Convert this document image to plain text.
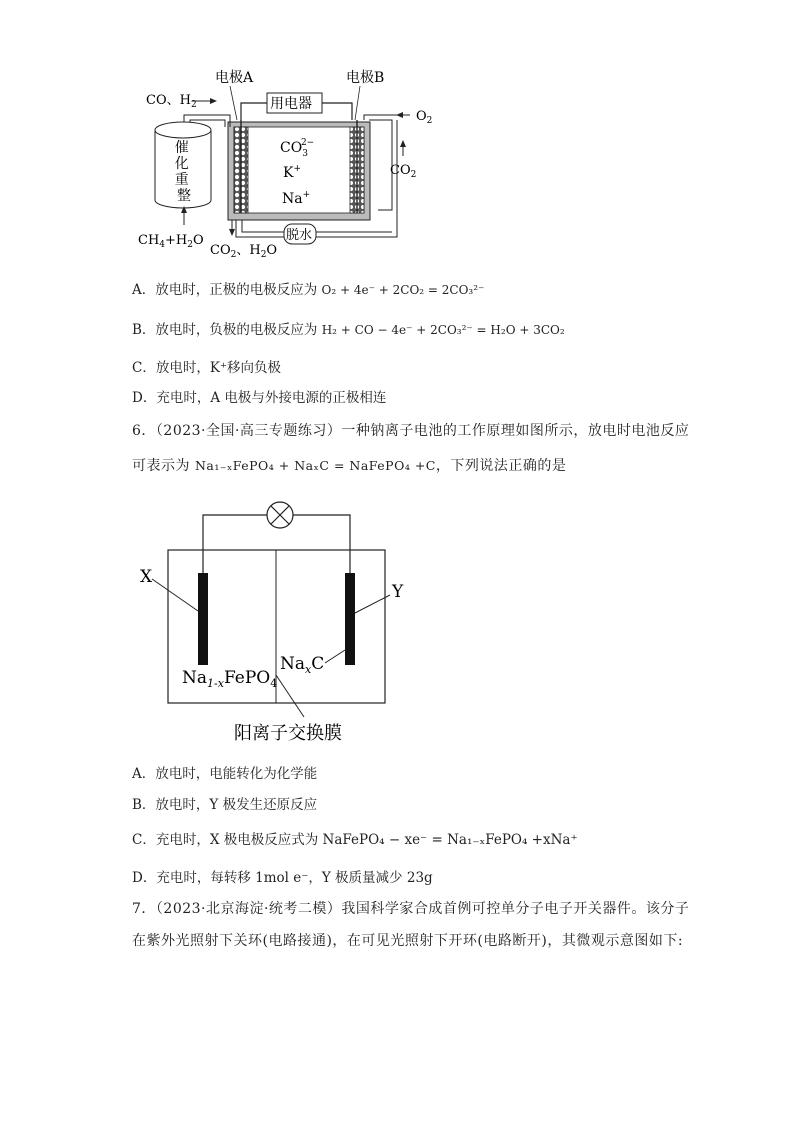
电极A	电极B
用电器
$CO_32-$
K+
Na+
催 化 重 整
CO、$H_2$
$CH_4+H_2O$
$O_2$
$CO_2$
脱水
$CO_2$、$H_2O$
A．放电时，正极的电极反应为 O₂ + 4e⁻ + 2CO₂ = 2CO₃²⁻
B．放电时，负极的电极反应为 H₂ + CO − 4e⁻ + 2CO₃²⁻ = H₂O + 3CO₂
C．放电时，K⁺移向负极
D．充电时，A 电极与外接电源的正极相连
6．（2023·全国·高三专题练习）一种钠离子电池的工作原理如图所示，放电时电池反应
可表示为 Na₁₋ₓFePO₄ + NaₓC = NaFePO₄ +C，下列说法正确的是
X
Y
$Na_{1-x}FePO_4$
$Na_xC$
阳离子交换膜
A．放电时，电能转化为化学能
B．放电时，Y 极发生还原反应
C．充电时，X 极电极反应式为 NaFePO₄ − xe⁻ = Na₁₋ₓFePO₄ +xNa⁺
D．充电时，每转移 1mol e⁻，Y 极质量减少 23g
7．（2023·北京海淀·统考二模）我国科学家合成首例可控单分子电子开关器件。该分子
在紫外光照射下关环(电路接通)，在可见光照射下开环(电路断开)，其微观示意图如下:
